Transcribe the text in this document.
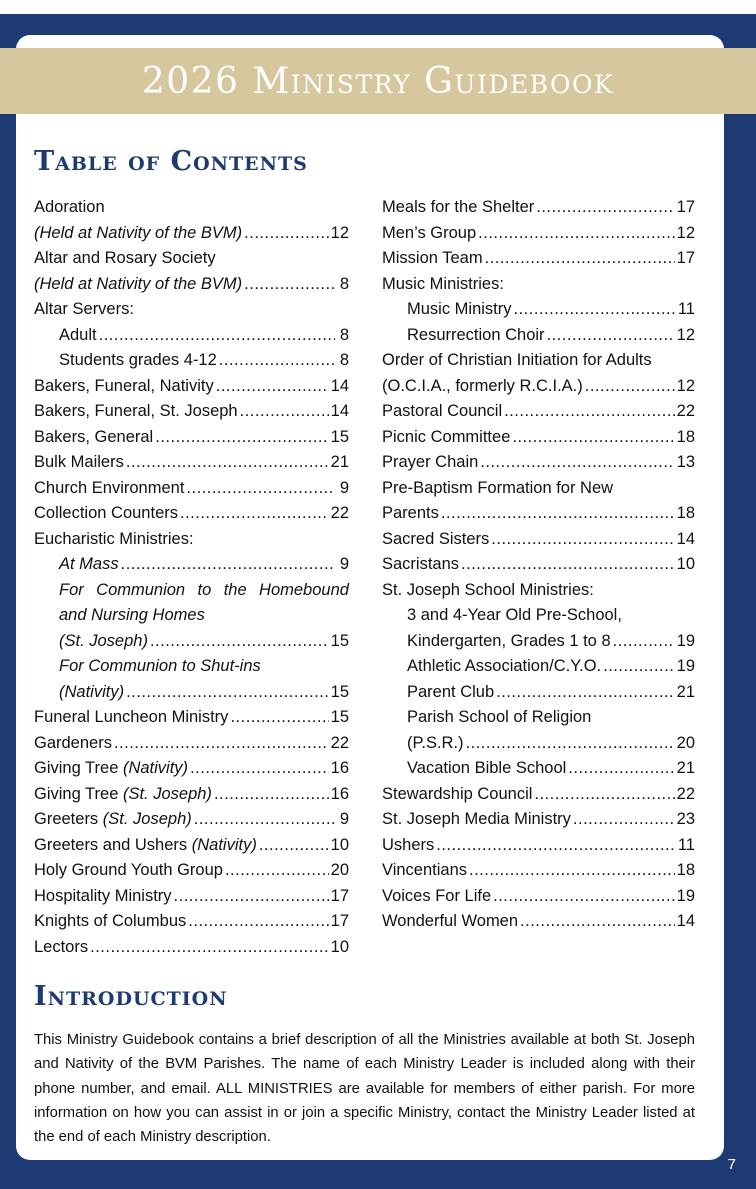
2026 Ministry Guidebook
Table of Contents
Adoration
(Held at Nativity of the BVM) .....	12
Altar and Rosary Society
(Held at Nativity of the BVM) .....	8
Altar Servers:
Adult .....	8
Students grades 4-12 .....	8
Bakers, Funeral, Nativity .....	14
Bakers, Funeral, St. Joseph .....	14
Bakers, General .....	15
Bulk Mailers .....	21
Church Environment .....	9
Collection Counters .....	22
Eucharistic Ministries:
At Mass .....	9
For Communion to the Homebound
and Nursing Homes
(St. Joseph) .....	15
For Communion to Shut-ins
(Nativity) .....	15
Funeral Luncheon Ministry .....	15
Gardeners .....	22
Giving Tree (Nativity) .....	16
Giving Tree (St. Joseph) .....	16
Greeters (St. Joseph) .....	9
Greeters and Ushers (Nativity) .....	10
Holy Ground Youth Group .....	20
Hospitality Ministry .....	17
Knights of Columbus .....	17
Lectors .....	10
Meals for the Shelter .....	17
Men’s Group .....	12
Mission Team .....	17
Music Ministries:
Music Ministry .....	11
Resurrection Choir .....	12
Order of Christian Initiation for Adults
(O.C.I.A., formerly R.C.I.A.) .....	12
Pastoral Council .....	22
Picnic Committee .....	18
Prayer Chain .....	13
Pre-Baptism Formation for New
Parents .....	18
Sacred Sisters .....	14
Sacristans .....	10
St. Joseph School Ministries:
3 and 4-Year Old Pre-School,
Kindergarten, Grades 1 to 8 .....	19
Athletic Association/C.Y.O. .....	19
Parent Club .....	21
Parish School of Religion
(P.S.R.) .....	20
Vacation Bible School .....	21
Stewardship Council .....	22
St. Joseph Media Ministry .....	23
Ushers .....	11
Vincentians .....	18
Voices For Life .....	19
Wonderful Women .....	14
Introduction

This Ministry Guidebook contains a brief description of all the Ministries available at both St. Joseph and Nativity of the BVM Parishes. The name of each Ministry Leader is included along with their phone number, and email. ALL MINISTRIES are available for members of either parish. For more information on how you can assist in or join a specific Ministry, contact the Ministry Leader listed at the end of each Ministry description.

7
